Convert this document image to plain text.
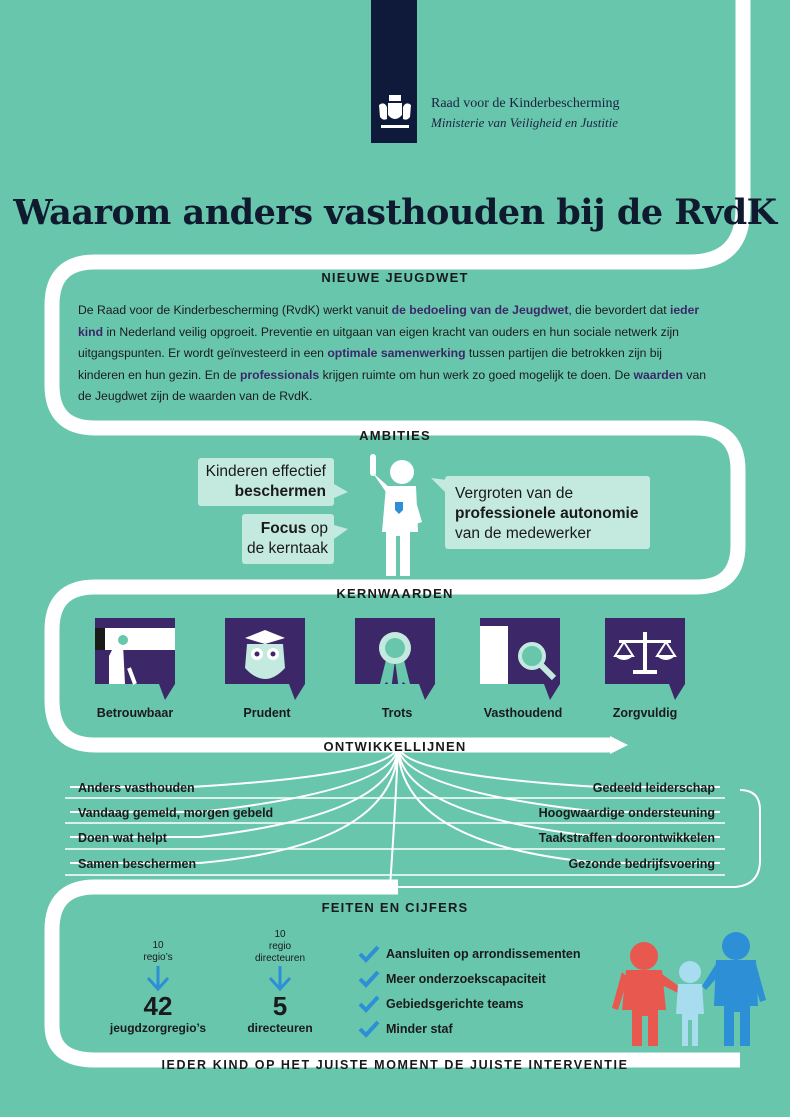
Raad voor de Kinderbescherming
Ministerie van Veiligheid en Justitie
Waarom anders vasthouden bij de RvdK
NIEUWE JEUGDWET
De Raad voor de Kinderbescherming (RvdK) werkt vanuit de bedoeling van de Jeugdwet, die bevordert dat ieder kind in Nederland veilig opgroeit. Preventie en uitgaan van eigen kracht van ouders en hun sociale netwerk zijn uitgangspunten. Er wordt geïnvesteerd in een optimale samenwerking tussen partijen die betrokken zijn bij kinderen en hun gezin. En de professionals krijgen ruimte om hun werk zo goed mogelijk te doen. De waarden van de Jeugdwet zijn de waarden van de RvdK.
AMBITIES
Kinderen effectief
beschermen
Focus op
de kerntaak
Vergroten van de
professionele autonomie
van de medewerker
KERNWAARDEN
Betrouwbaar	Prudent	Trots	Vasthoudend	Zorgvuldig
ONTWIKKELLIJNEN
Anders vasthouden
Vandaag gemeld, morgen gebeld
Doen wat helpt
Samen beschermen
Gedeeld leiderschap
Hoogwaardige ondersteuning
Taakstraffen doorontwikkelen
Gezonde bedrijfsvoering
FEITEN EN CIJFERS
10
regio’s
42
jeugdzorgregio’s
10
regio
directeuren
5
directeuren
Aansluiten op arrondissementen
Meer onderzoekscapaciteit
Gebiedsgerichte teams
Minder staf
IEDER KIND OP HET JUISTE MOMENT DE JUISTE INTERVENTIE
